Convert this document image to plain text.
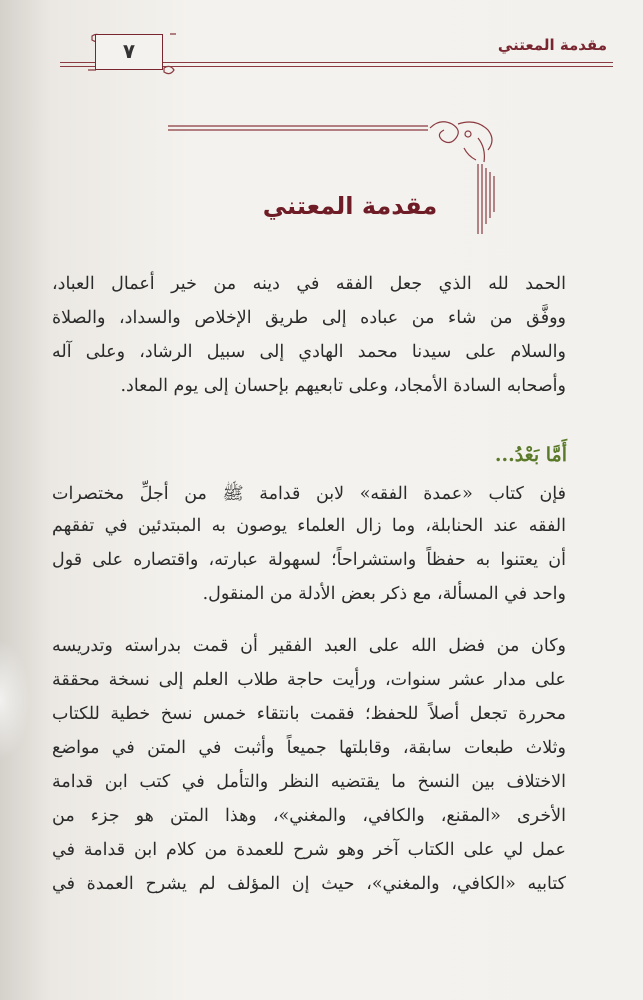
مقدمة المعتني
٧
مقدمة المعتني
الحمد لله الذي جعل الفقه في دينه من خير أعمال العباد،
ووفَّق من شاء من عباده إلى طريق الإخلاص والسداد، والصلاة
والسلام على سيدنا محمد الهادي إلى سبيل الرشاد، وعلى آله
وأصحابه السادة الأمجاد، وعلى تابعيهم بإحسان إلى يوم المعاد.
أَمَّا بَعْدُ...
فإن كتاب «عمدة الفقه» لابن قدامة ﷺ من أجلِّ مختصرات
الفقه عند الحنابلة، وما زال العلماء يوصون به المبتدئين في تفقهم
أن يعتنوا به حفظاً واستشراحاً؛ لسهولة عبارته، واقتصاره على قول
واحد في المسألة، مع ذكر بعض الأدلة من المنقول.
وكان من فضل الله على العبد الفقير أن قمت بدراسته وتدريسه
على مدار عشر سنوات، ورأيت حاجة طلاب العلم إلى نسخة محققة
محررة تجعل أصلاً للحفظ؛ فقمت بانتقاء خمس نسخ خطية للكتاب
وثلاث طبعات سابقة، وقابلتها جميعاً وأثبت في المتن في مواضع
الاختلاف بين النسخ ما يقتضيه النظر والتأمل في كتب ابن قدامة
الأخرى «المقنع، والكافي، والمغني»، وهذا المتن هو جزء من
عمل لي على الكتاب آخر وهو شرح للعمدة من كلام ابن قدامة في
كتابيه «الكافي، والمغني»، حيث إن المؤلف لم يشرح العمدة في
